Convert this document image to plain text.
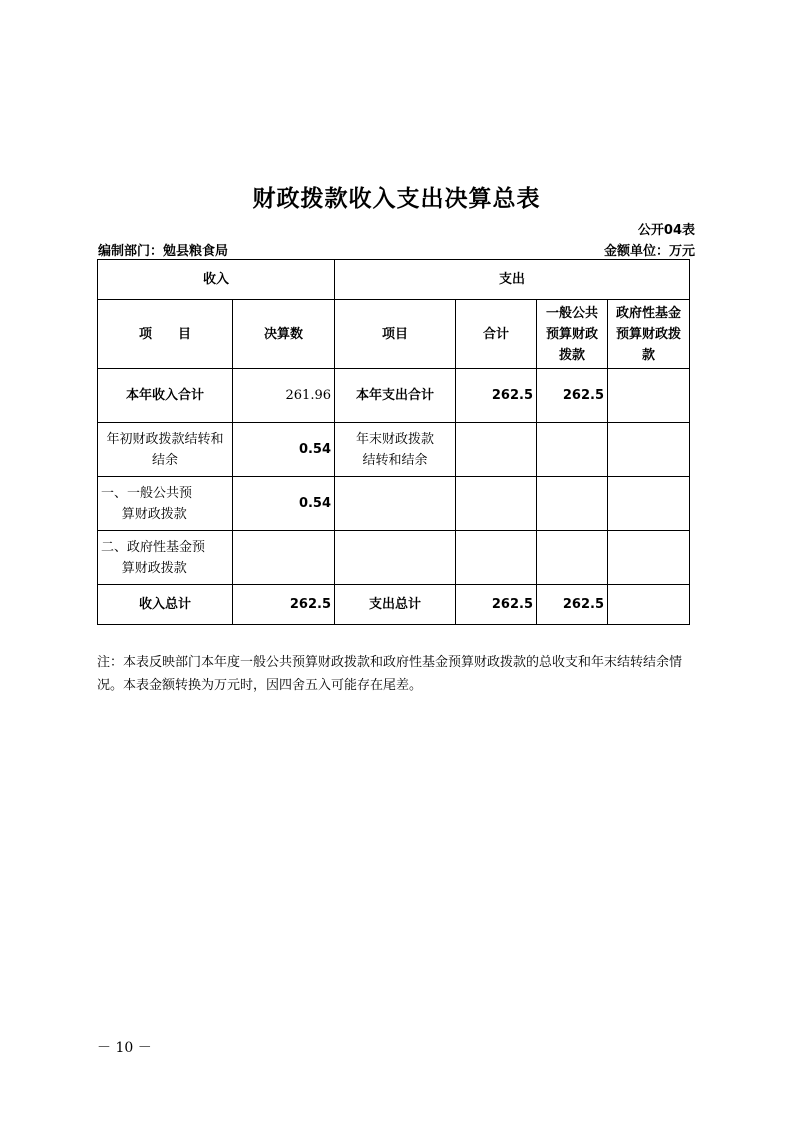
财政拨款收入支出决算总表
公开04表
编制部门：勉县粮食局	金额单位：万元
收入		支出			
项　　目	决算数	项目	合计	一般公共预算财政拨款	政府性基金预算财政拨款
本年收入合计	261.96	本年支出合计	262.5	262.5	
年初财政拨款结转和结余	0.54	年末财政拨款结转和结余			
一、一般公共预
算财政拨款	0.54				
二、政府性基金预
算财政拨款					

收入总计	262.5	支出总计	262.5	262.5	
注：本表反映部门本年度一般公共预算财政拨款和政府性基金预算财政拨款的总收支和年末结转结余情况。本表金额转换为万元时，因四舍五入可能存在尾差。
－ 10 －
